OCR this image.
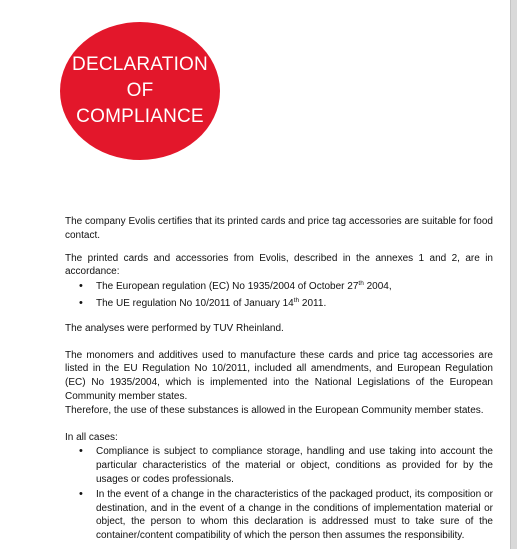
DECLARATION
OF
COMPLIANCE

The company Evolis certifies that its printed cards and price tag accessories are suitable for food contact.

The printed cards and accessories from Evolis, described in the annexes 1 and 2, are in accordance:

• The European regulation (EC) No 1935/2004 of October 27th 2004,
• The UE regulation No 10/2011 of January 14th 2011.

The analyses were performed by TUV Rheinland.

The monomers and additives used to manufacture these cards and price tag accessories are listed in the EU Regulation No 10/2011, included all amendments, and European Regulation (EC) No 1935/2004, which is implemented into the National Legislations of the European Community member states.

Therefore, the use of these substances is allowed in the European Community member states.

In all cases:

• Compliance is subject to compliance storage, handling and use taking into account the particular characteristics of the material or object, conditions as provided for by the usages or codes professionals.
• In the event of a change in the characteristics of the packaged product, its composition or destination, and in the event of a change in the conditions of implementation material or object, the person to whom this declaration is addressed must to take sure of the container/content compatibility of which the person then assumes the responsibility.
